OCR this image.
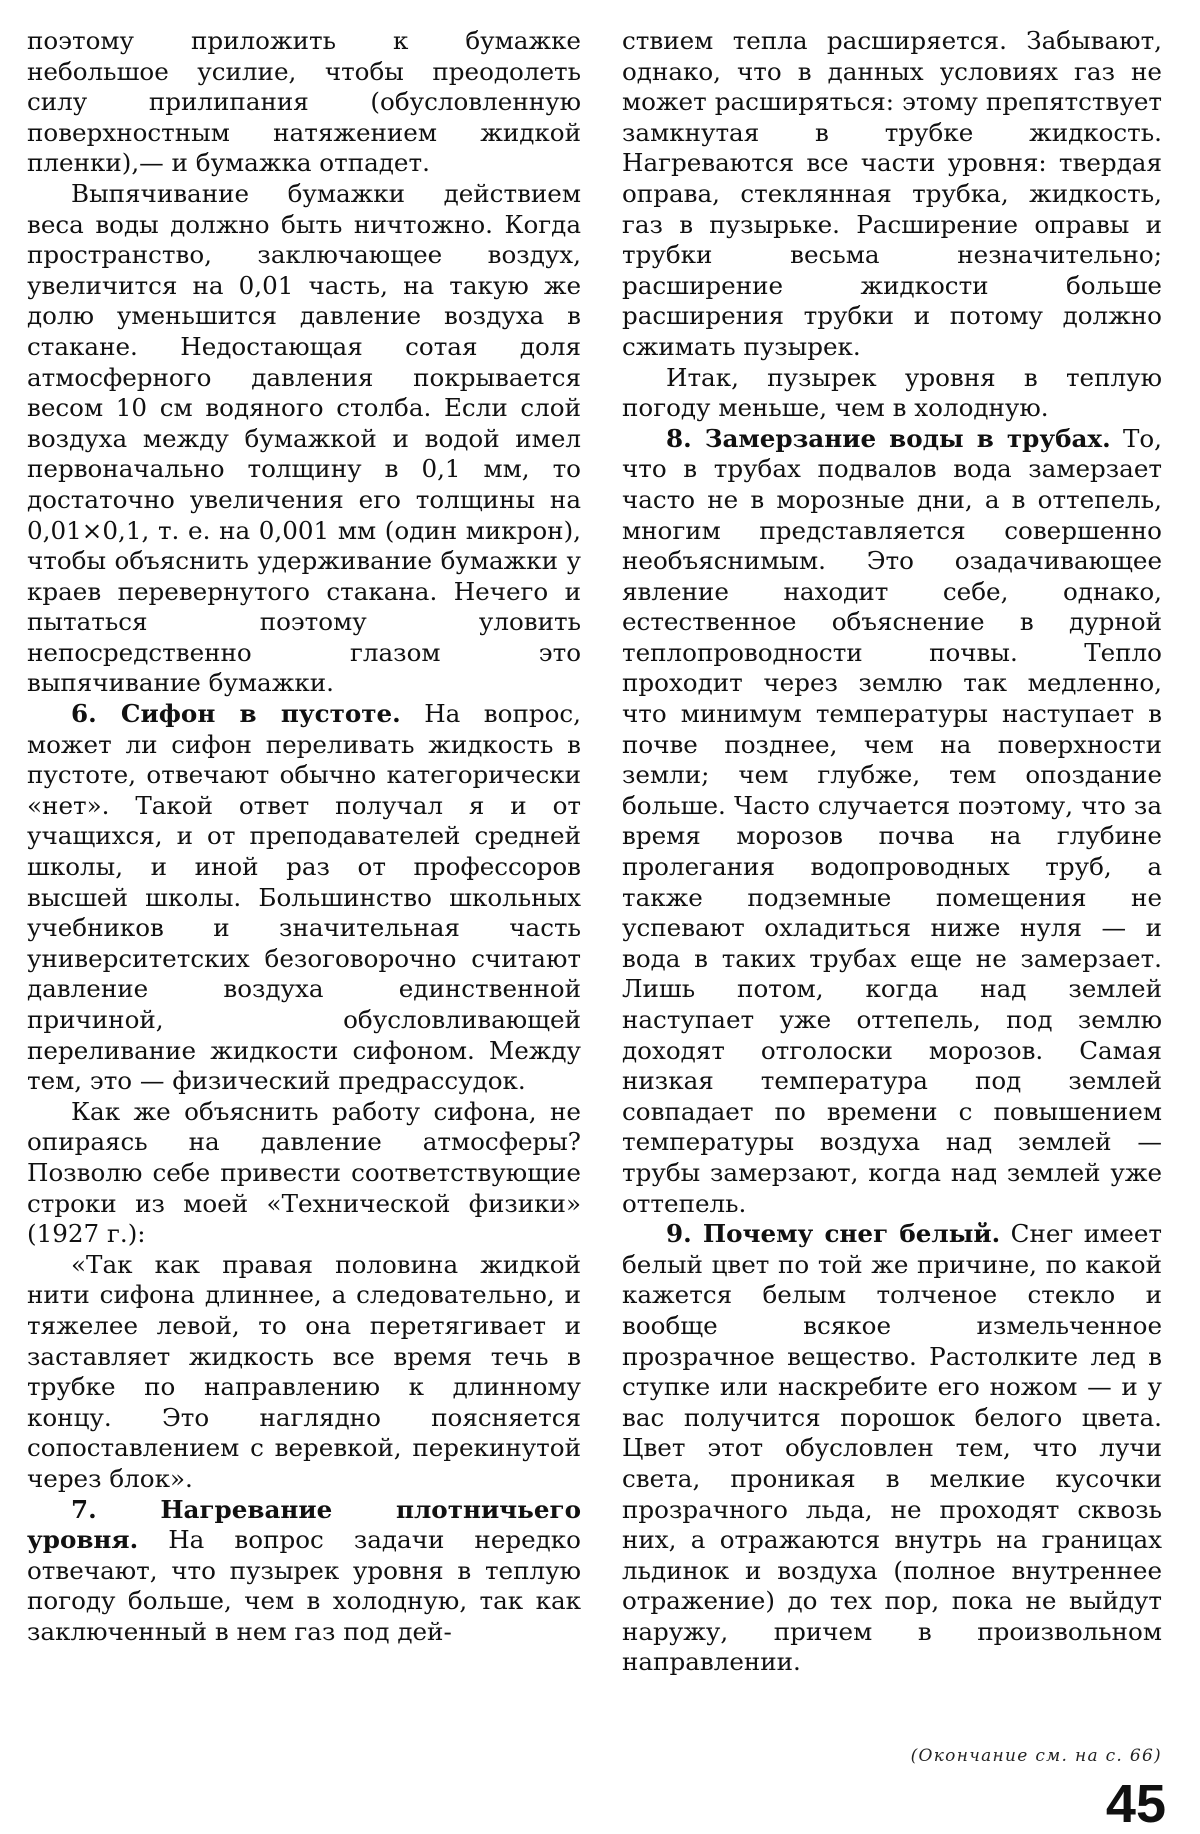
поэтому приложить к бумажке небольшое усилие, чтобы преодолеть силу прилипания (обусловленную поверхностным натяжением жидкой пленки),— и бумажка отпадет.

Выпячивание бумажки действием веса воды должно быть ничтожно. Когда пространство, заключающее воздух, увеличится на 0,01 часть, на такую же долю уменьшится давление воздуха в стакане. Недостающая сотая доля атмосферного давления покрывается весом 10 см водяного столба. Если слой воздуха между бумажкой и водой имел первоначально толщину в 0,1 мм, то достаточно увеличения его толщины на 0,01×0,1, т. е. на 0,001 мм (один микрон), чтобы объяснить удерживание бумажки у краев перевернутого стакана. Нечего и пытаться поэтому уловить непосредственно глазом это выпячивание бумажки.

6. Сифон в пустоте. На вопрос, может ли сифон переливать жидкость в пустоте, отвечают обычно категорически «нет». Такой ответ получал я и от учащихся, и от преподавателей средней школы, и иной раз от профессоров высшей школы. Большинство школьных учебников и значительная часть университетских безоговорочно считают давление воздуха единственной причиной, обусловливающей переливание жидкости сифоном. Между тем, это — физический предрассудок.

Как же объяснить работу сифона, не опираясь на давление атмосферы? Позволю себе привести соответствующие строки из моей «Технической физики» (1927 г.):

«Так как правая половина жидкой нити сифона длиннее, а следовательно, и тяжелее левой, то она перетягивает и заставляет жидкость все время течь в трубке по направлению к длинному концу. Это наглядно поясняется сопоставлением с веревкой, перекинутой через блок».

7. Нагревание плотничьего уровня. На вопрос задачи нередко отвечают, что пузырек уровня в теплую погоду больше, чем в холодную, так как заключенный в нем газ под дей-

ствием тепла расширяется. Забывают, однако, что в данных условиях газ не может расширяться: этому препятствует замкнутая в трубке жидкость. Нагреваются все части уровня: твердая оправа, стеклянная трубка, жидкость, газ в пузырьке. Расширение оправы и трубки весьма незначительно; расширение жидкости больше расширения трубки и потому должно сжимать пузырек.

Итак, пузырек уровня в теплую погоду меньше, чем в холодную.

8. Замерзание воды в трубах. То, что в трубах подвалов вода замерзает часто не в морозные дни, а в оттепель, многим представляется совершенно необъяснимым. Это озадачивающее явление находит себе, однако, естественное объяснение в дурной теплопроводности почвы. Тепло проходит через землю так медленно, что минимум температуры наступает в почве позднее, чем на поверхности земли; чем глубже, тем опоздание больше. Часто случается поэтому, что за время морозов почва на глубине пролегания водопроводных труб, а также подземные помещения не успевают охладиться ниже нуля — и вода в таких трубах еще не замерзает. Лишь потом, когда над землей наступает уже оттепель, под землю доходят отголоски морозов. Самая низкая температура под землей совпадает по времени с повышением температуры воздуха над землей — трубы замерзают, когда над землей уже оттепель.

9. Почему снег белый. Снег имеет белый цвет по той же причине, по какой кажется белым толченое стекло и вообще всякое измельченное прозрачное вещество. Растолките лед в ступке или наскребите его ножом — и у вас получится порошок белого цвета. Цвет этот обусловлен тем, что лучи света, проникая в мелкие кусочки прозрачного льда, не проходят сквозь них, а отражаются внутрь на границах льдинок и воздуха (полное внутреннее отражение) до тех пор, пока не выйдут наружу, причем в произвольном направлении.

(Окончание см. на с. 66)
45
